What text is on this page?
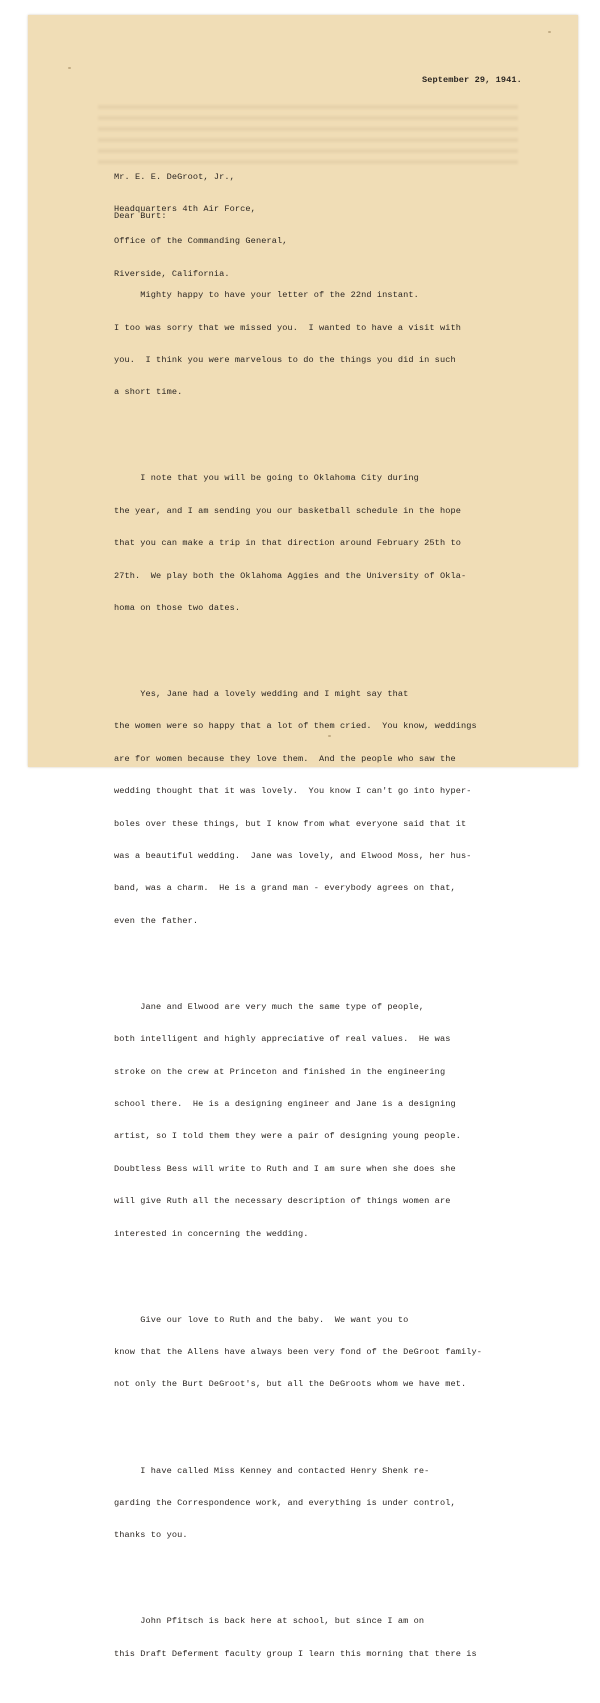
September 29, 1941.

Mr. E. E. DeGroot, Jr.,

Headquarters 4th Air Force,

Office of the Commanding General,

Riverside, California.

Dear Burt:

Mighty happy to have your letter of the 22nd instant.

I too was sorry that we missed you.  I wanted to have a visit with

you.  I think you were marvelous to do the things you did in such

a short time.

I note that you will be going to Oklahoma City during

the year, and I am sending you our basketball schedule in the hope

that you can make a trip in that direction around February 25th to

27th.  We play both the Oklahoma Aggies and the University of Okla-

homa on those two dates.

Yes, Jane had a lovely wedding and I might say that

the women were so happy that a lot of them cried.  You know, weddings

are for women because they love them.  And the people who saw the

wedding thought that it was lovely.  You know I can't go into hyper-

boles over these things, but I know from what everyone said that it

was a beautiful wedding.  Jane was lovely, and Elwood Moss, her hus-

band, was a charm.  He is a grand man - everybody agrees on that,

even the father.

Jane and Elwood are very much the same type of people,

both intelligent and highly appreciative of real values.  He was

stroke on the crew at Princeton and finished in the engineering

school there.  He is a designing engineer and Jane is a designing

artist, so I told them they were a pair of designing young people.

Doubtless Bess will write to Ruth and I am sure when she does she

will give Ruth all the necessary description of things women are

interested in concerning the wedding.

Give our love to Ruth and the baby.  We want you to

know that the Allens have always been very fond of the DeGroot family-

not only the Burt DeGroot's, but all the DeGroots whom we have met.

I have called Miss Kenney and contacted Henry Shenk re-

garding the Correspondence work, and everything is under control,

thanks to you.

John Pfitsch is back here at school, but since I am on

this Draft Deferment faculty group I learn this morning that there is
